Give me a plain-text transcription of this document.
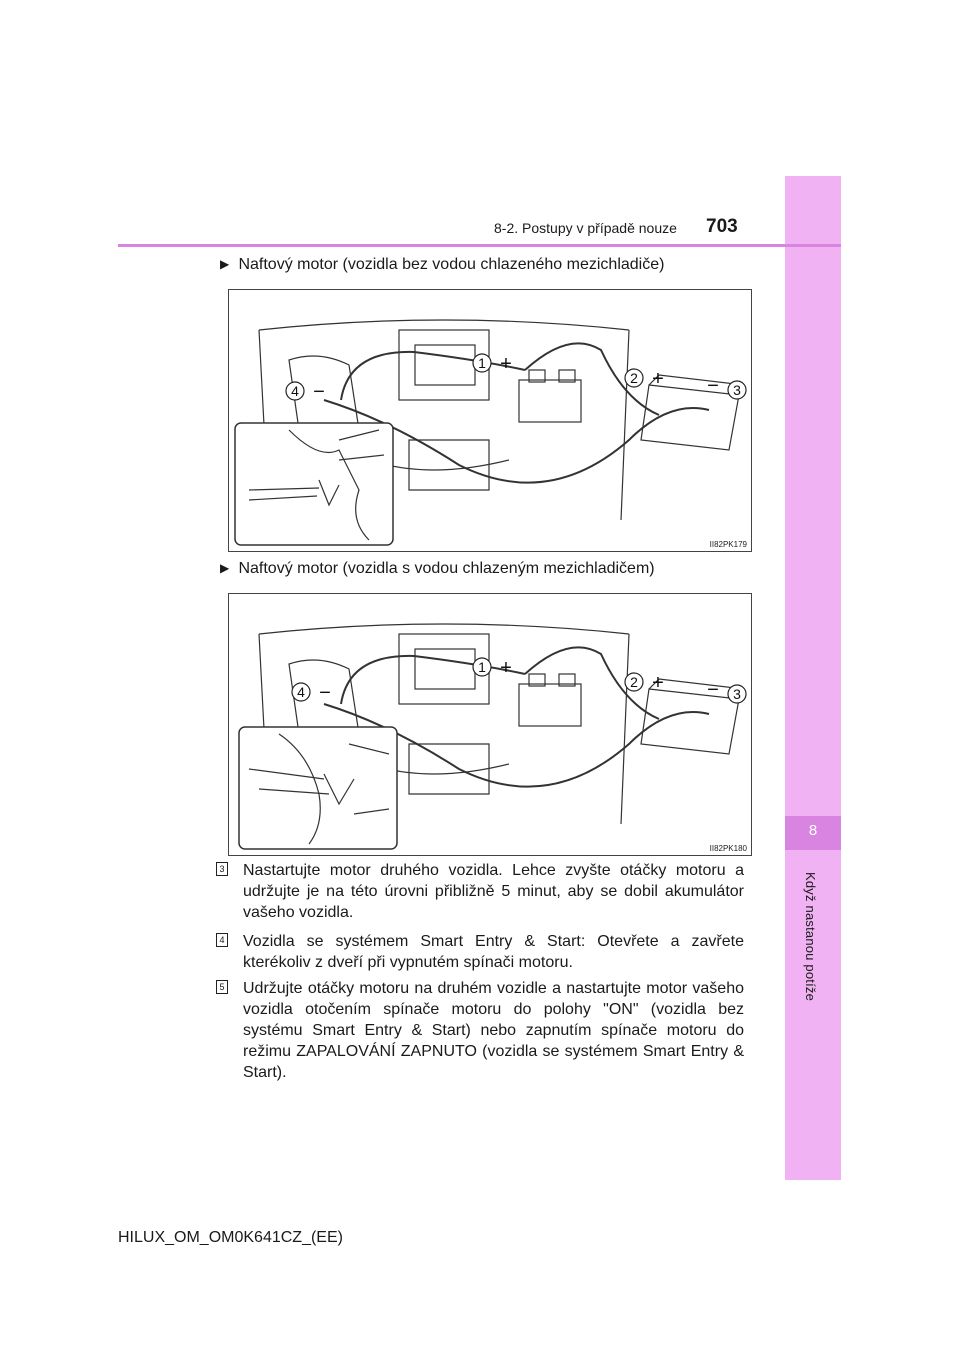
8
Když nastanou potíže
8-2. Postupy v případě nouze 703
▶ Naftový motor (vozidla bez vodou chlazeného mezichladiče)
1
2
3
4
+
+ −
−
II82PK179
▶ Naftový motor (vozidla s vodou chlazeným mezichladičem)
1
2
3
4
+
+ −
−
II82PK180
3 Nastartujte motor druhého vozidla. Lehce zvyšte otáčky motoru a udržujte je na této úrovni přibližně 5 minut, aby se dobil akumulátor vašeho vozidla.
4 Vozidla se systémem Smart Entry & Start: Otevřete a zavřete kterékoliv z dveří při vypnutém spínači motoru.
5 Udržujte otáčky motoru na druhém vozidle a nastartujte motor vašeho vozidla otočením spínače motoru do polohy "ON" (vozidla bez systému Smart Entry & Start) nebo zapnutím spínače motoru do režimu ZAPALOVÁNÍ ZAPNUTO (vozidla se systémem Smart Entry & Start).
HILUX_OM_OM0K641CZ_(EE)
